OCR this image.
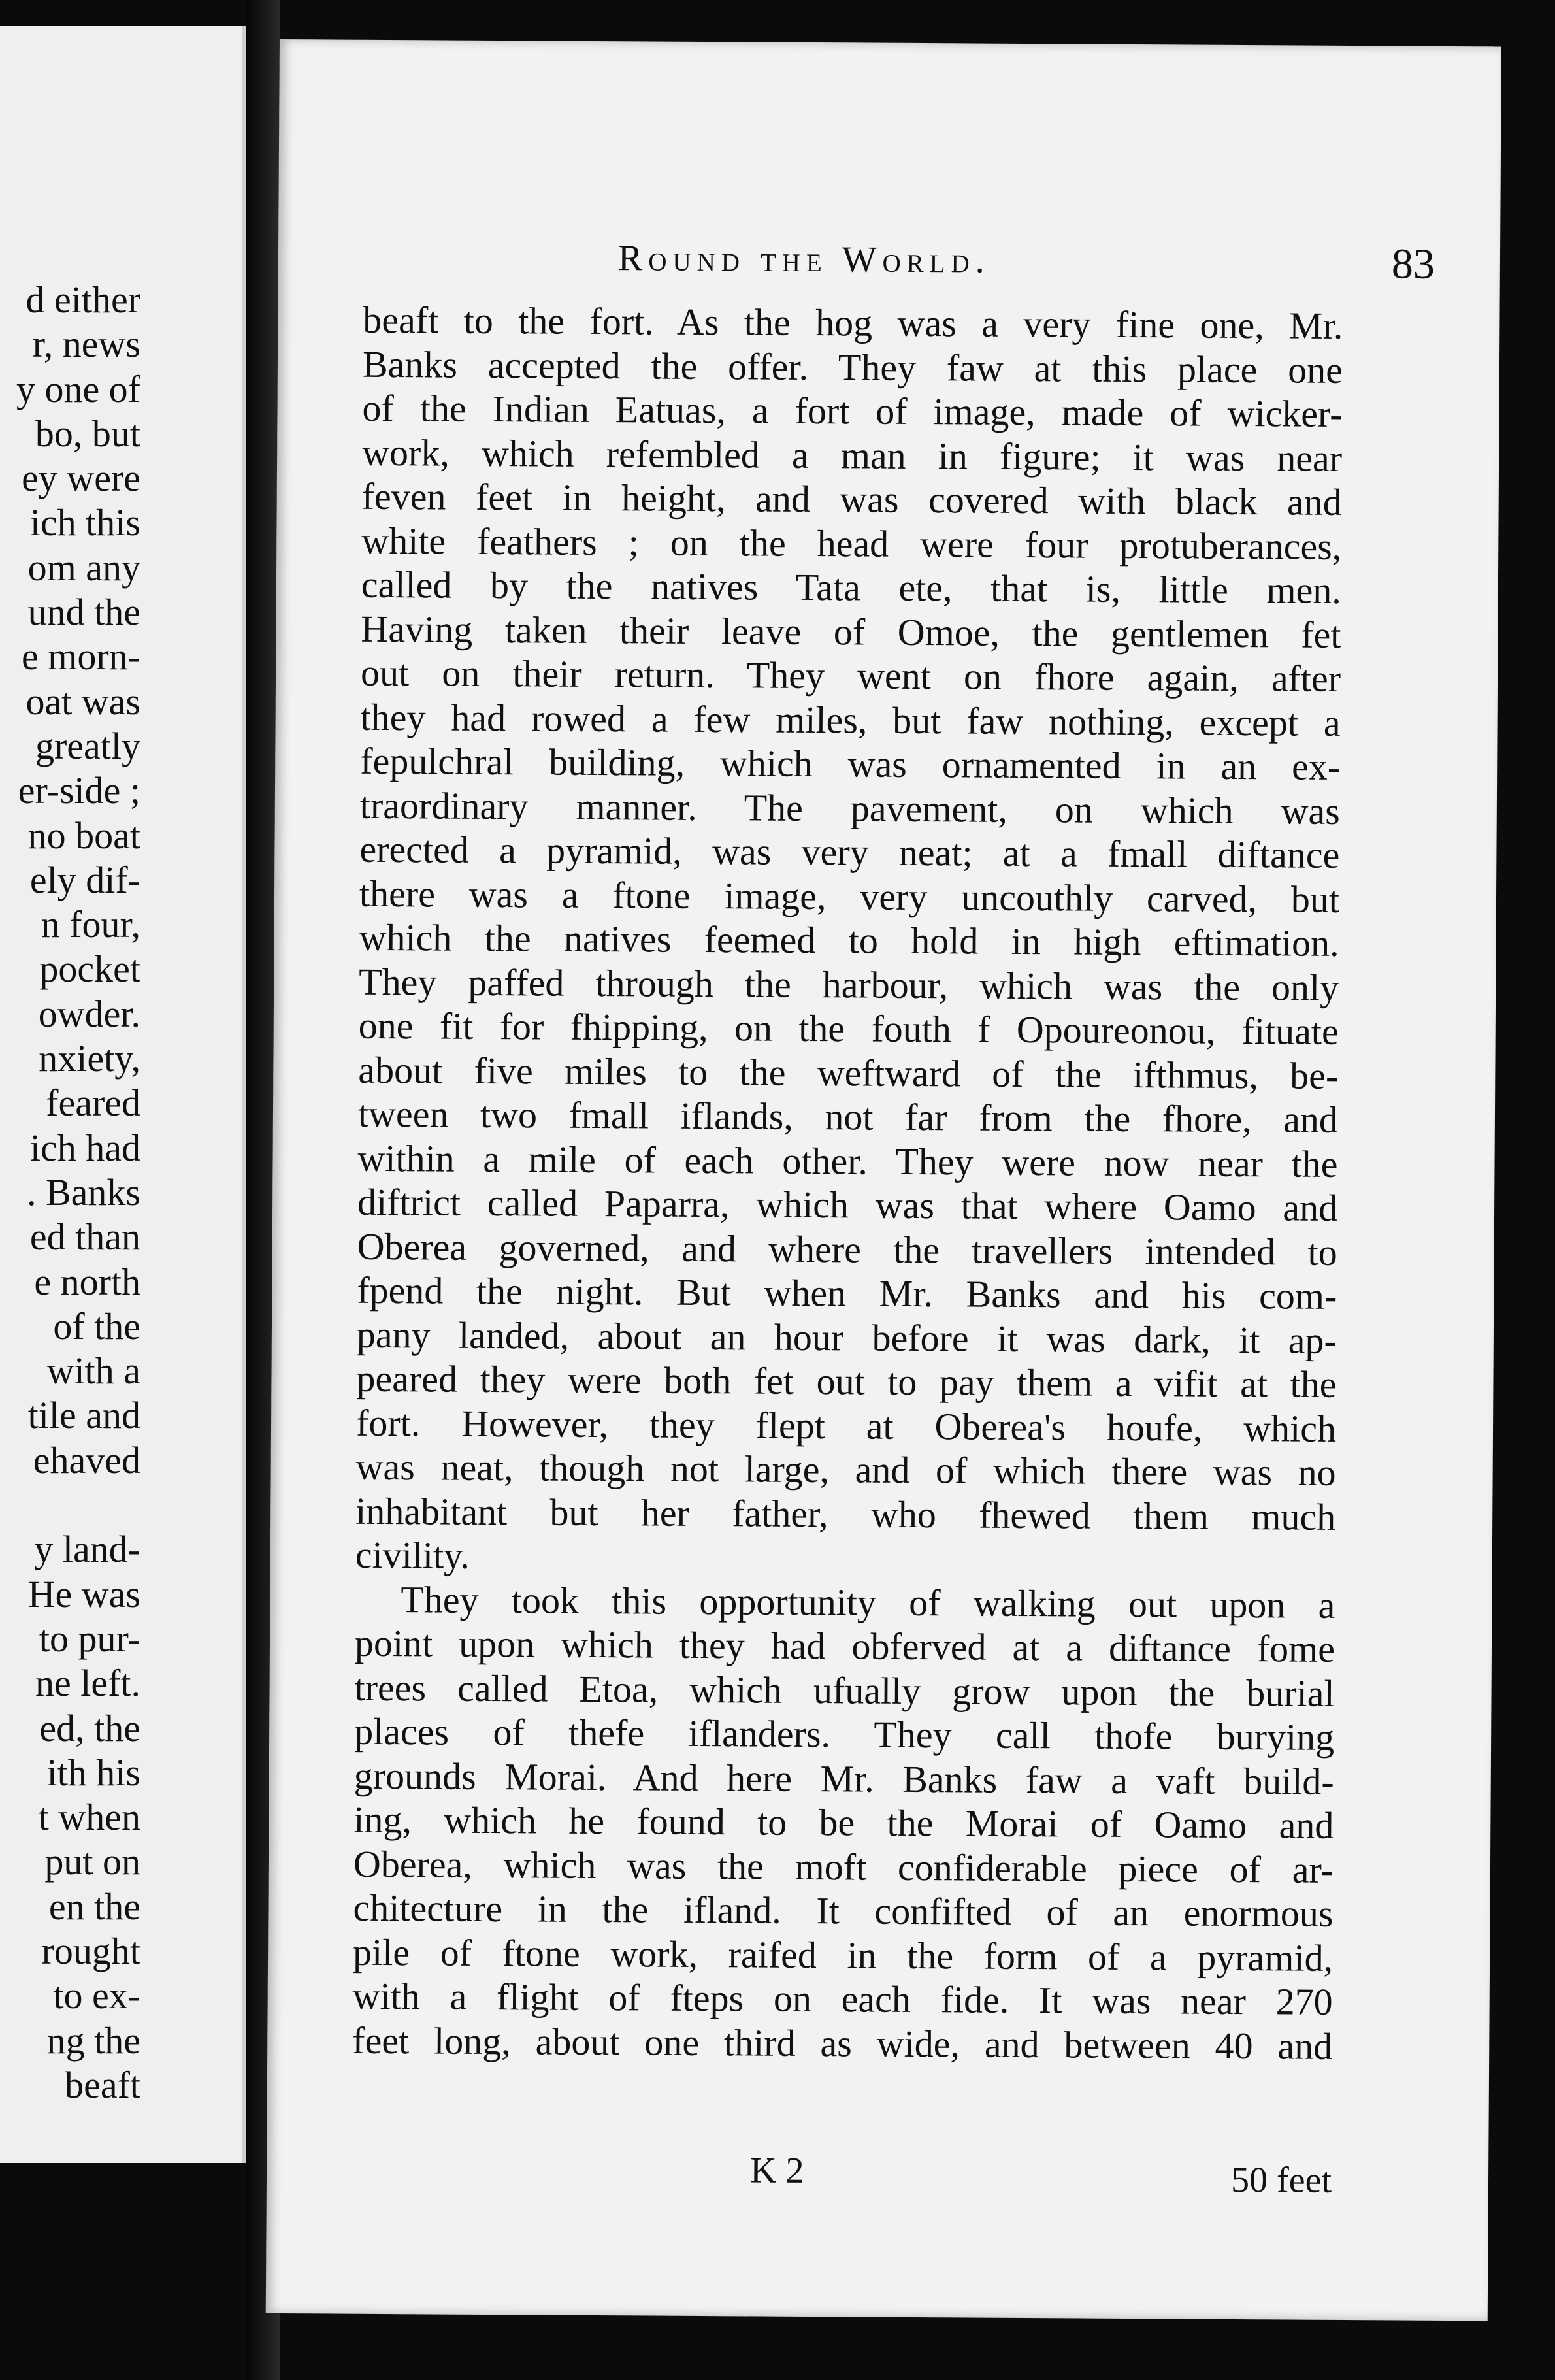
d either
r, news
y one of
bo, but
ey were
ich this
om any
und the
e morn-
oat was
greatly
er-side ;
no boat
ely dif-
n four,
pocket
owder.
nxiety,
feared
ich had
. Banks
ed than
e north
of the
with a
tile and
ehaved
y land-
He was
to pur-
ne left.
ed, the
ith his
t when
put on
en the
rought
to ex-
ng the
beaft
Round the World.	83
beaft to the fort. As the hog was a very fine one, Mr.
Banks accepted the offer. They faw at this place one
of the Indian Eatuas, a fort of image, made of wicker-
work, which refembled a man in figure; it was near
feven feet in height, and was covered with black and
white feathers ; on the head were four protuberances,
called by the natives Tata ete, that is, little men.
Having taken their leave of Omoe, the gentlemen fet
out on their return. They went on fhore again, after
they had rowed a few miles, but faw nothing, except a
fepulchral building, which was ornamented in an ex-
traordinary manner. The pavement, on which was
erected a pyramid, was very neat; at a fmall diftance
there was a ftone image, very uncouthly carved, but
which the natives feemed to hold in high eftimation.
They paffed through the harbour, which was the only
one fit for fhipping, on the fouth f Opoureonou, fituate
about five miles to the weftward of the ifthmus, be-
tween two fmall iflands, not far from the fhore, and
within a mile of each other. They were now near the
diftrict called Paparra, which was that where Oamo and
Oberea governed, and where the travellers intended to
fpend the night. But when Mr. Banks and his com-
pany landed, about an hour before it was dark, it ap-
peared they were both fet out to pay them a vifit at the
fort. However, they flept at Oberea's houfe, which
was neat, though not large, and of which there was no
inhabitant but her father, who fhewed them much
civility.
They took this opportunity of walking out upon a
point upon which they had obferved at a diftance fome
trees called Etoa, which ufually grow upon the burial
places of thefe iflanders. They call thofe burying
grounds Morai. And here Mr. Banks faw a vaft build-
ing, which he found to be the Morai of Oamo and
Oberea, which was the moft confiderable piece of ar-
chitecture in the ifland. It confifted of an enormous
pile of ftone work, raifed in the form of a pyramid,
with a flight of fteps on each fide. It was near 270
feet long, about one third as wide, and between 40 and
K 2	50 feet
